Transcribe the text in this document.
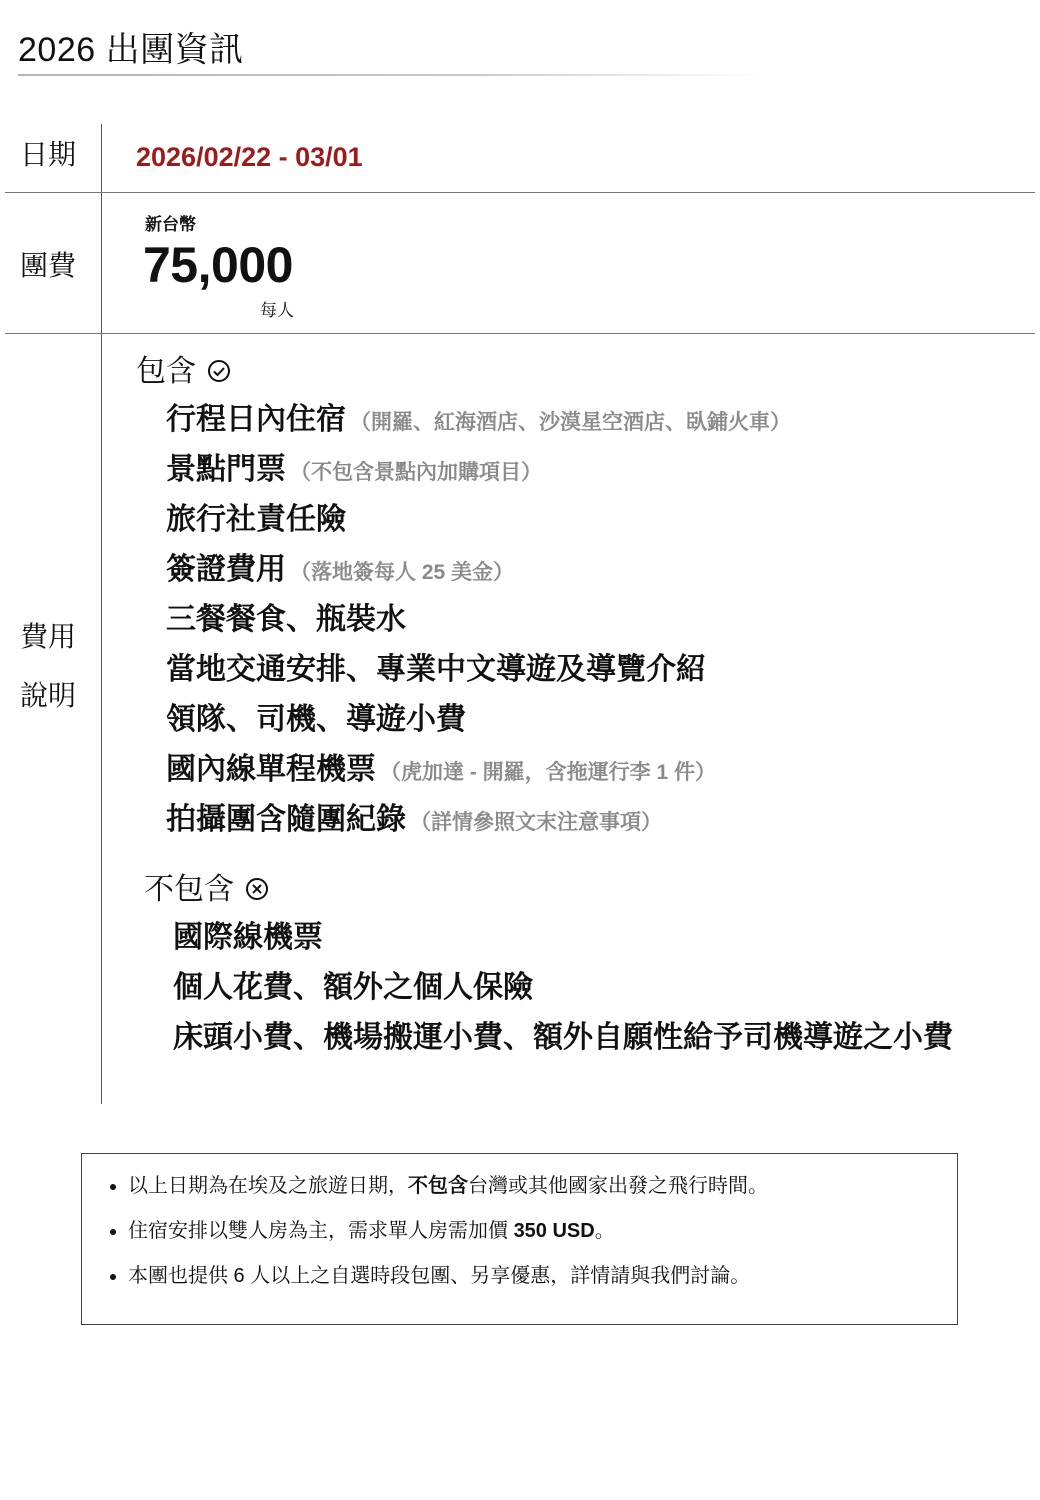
2026 出團資訊
日期 2026/02/22 - 03/01
團費
新台幣
75,000
每人
費用
說明
包含
行程日內住宿 （開羅、紅海酒店、沙漠星空酒店、臥鋪火車）
景點門票 （不包含景點內加購項目）
旅行社責任險
簽證費用 （落地簽每人 25 美金）
三餐餐食、瓶裝水
當地交通安排、專業中文導遊及導覽介紹
領隊、司機、導遊小費
國內線單程機票 （虎加達 - 開羅，含拖運行李 1 件）
拍攝團含隨團紀錄 （詳情參照文末注意事項）
不包含
國際線機票
個人花費、額外之個人保險
床頭小費、機場搬運小費、額外自願性給予司機導遊之小費
• 以上日期為在埃及之旅遊日期，不包含台灣或其他國家出發之飛行時間。
• 住宿安排以雙人房為主，需求單人房需加價 350 USD。
• 本團也提供 6 人以上之自選時段包團、另享優惠，詳情請與我們討論。
